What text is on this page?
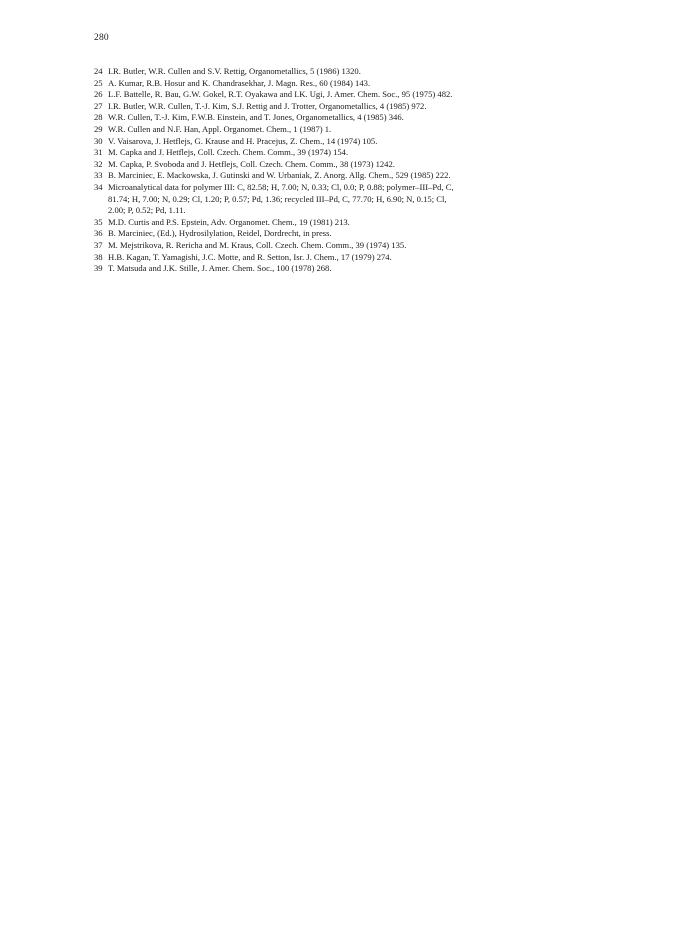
280
24 I.R. Butler, W.R. Cullen and S.V. Rettig, Organometallics, 5 (1986) 1320.
25 A. Kumar, R.B. Hosur and K. Chandrasekhar, J. Magn. Res., 60 (1984) 143.
26 L.F. Battelle, R. Bau, G.W. Gokel, R.T. Oyakawa and I.K. Ugi, J. Amer. Chem. Soc., 95 (1975) 482.
27 I.R. Butler, W.R. Cullen, T.-J. Kim, S.J. Rettig and J. Trotter, Organometallics, 4 (1985) 972.
28 W.R. Cullen, T.-J. Kim, F.W.B. Einstein, and T. Jones, Organometallics, 4 (1985) 346.
29 W.R. Cullen and N.F. Han, Appl. Organomet. Chem., 1 (1987) 1.
30 V. Vaisarova, J. Hetflejs, G. Krause and H. Pracejus, Z. Chem., 14 (1974) 105.
31 M. Capka and J. Hetflejs, Coll. Czech. Chem. Comm., 39 (1974) 154.
32 M. Capka, P. Svoboda and J. Hetflejs, Coll. Czech. Chem. Comm., 38 (1973) 1242.
33 B. Marciniec, E. Mackowska, J. Gutinski and W. Urbaniak, Z. Anorg. Allg. Chem., 529 (1985) 222.
34 Microanalytical data for polymer III: C, 82.58; H, 7.00; N, 0.33; Cl, 0.0; P, 0.88; polymer–III–Pd, C,
81.74; H, 7.00; N, 0.29; Cl, 1.20; P, 0.57; Pd, 1.36; recycled III–Pd, C, 77.70; H, 6.90; N, 0.15; Cl,
2.00; P, 0.52; Pd, 1.11.
35 M.D. Curtis and P.S. Epstein, Adv. Organomet. Chem., 19 (1981) 213.
36 B. Marciniec, (Ed.), Hydrosilylation, Reidel, Dordrecht, in press.
37 M. Mejstrikova, R. Rericha and M. Kraus, Coll. Czech. Chem. Comm., 39 (1974) 135.
38 H.B. Kagan, T. Yamagishi, J.C. Motte, and R. Setton, Isr. J. Chem., 17 (1979) 274.
39 T. Matsuda and J.K. Stille, J. Amer. Chem. Soc., 100 (1978) 268.
